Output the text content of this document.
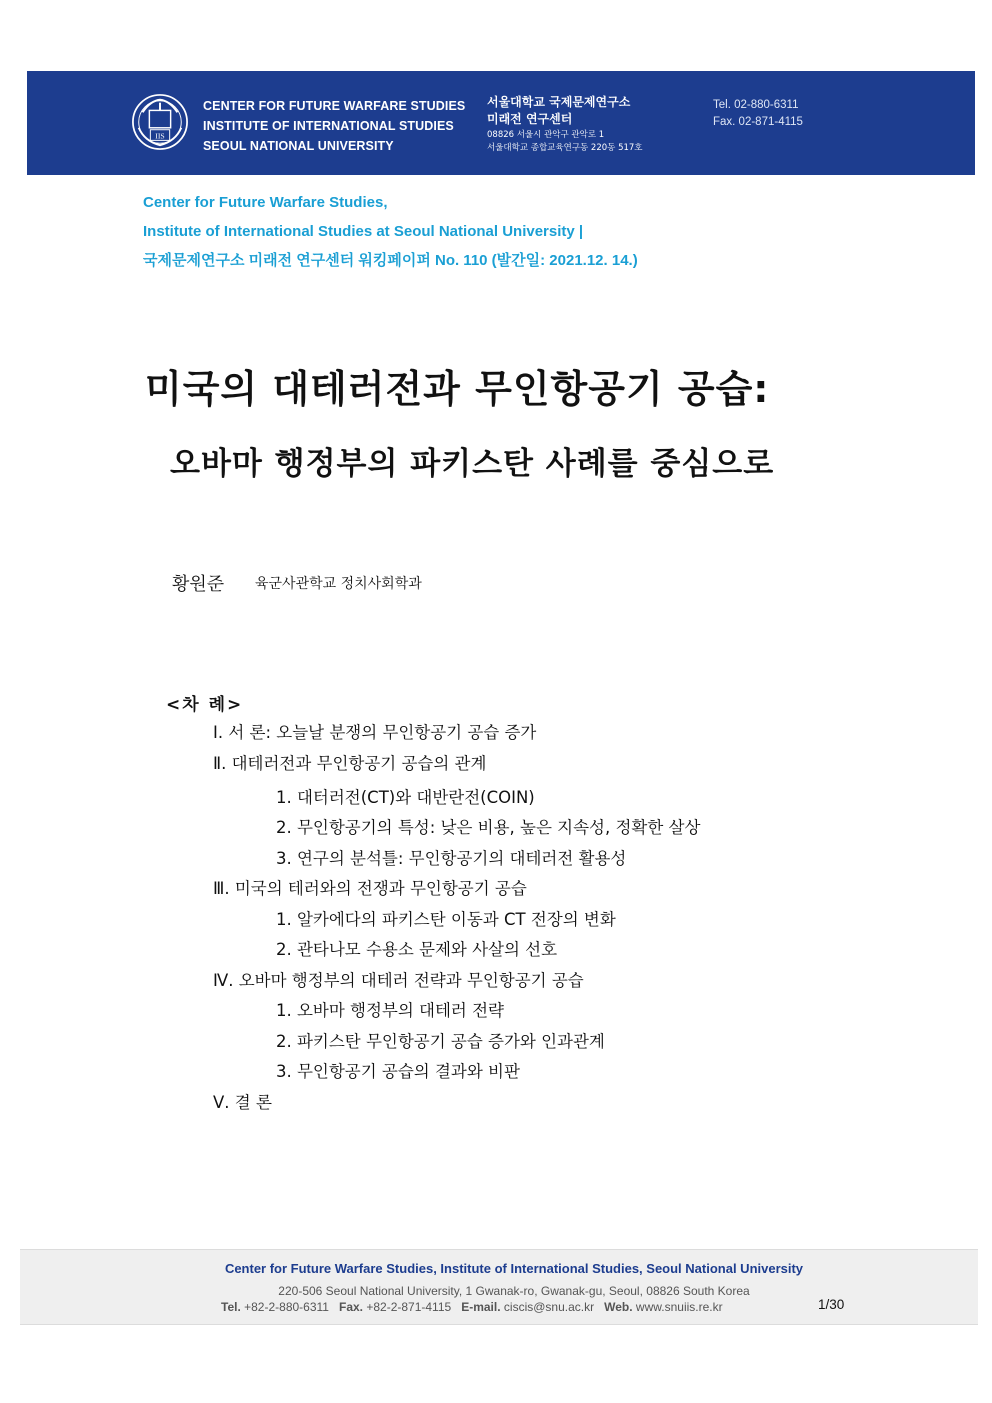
IIS
CENTER FOR FUTURE WARFARE STUDIES
INSTITUTE OF INTERNATIONAL STUDIES
SEOUL NATIONAL UNIVERSITY
서울대학교 국제문제연구소
미래전 연구센터
08826 서울시 관악구 관악로 1
서울대학교 종합교육연구동 220동 517호
Tel. 02-880-6311
Fax. 02-871-4115
Center for Future Warfare Studies,
Institute of International Studies at Seoul National University |
국제문제연구소 미래전 연구센터 워킹페이퍼 No. 110 (발간일: 2021.12. 14.)
미국의 대테러전과 무인항공기 공습:
오바마 행정부의 파키스탄 사례를 중심으로
황원준 육군사관학교 정치사회학과
<차 례>
Ⅰ. 서 론: 오늘날 분쟁의 무인항공기 공습 증가
Ⅱ. 대테러전과 무인항공기 공습의 관계
1. 대터러전(CT)와 대반란전(COIN)
2. 무인항공기의 특성: 낮은 비용, 높은 지속성, 정확한 살상
3. 연구의 분석틀: 무인항공기의 대테러전 활용성
Ⅲ. 미국의 테러와의 전쟁과 무인항공기 공습
1. 알카에다의 파키스탄 이동과 CT 전장의 변화
2. 관타나모 수용소 문제와 사살의 선호
Ⅳ. 오바마 행정부의 대테러 전략과 무인항공기 공습
1. 오바마 행정부의 대테러 전략
2. 파키스탄 무인항공기 공습 증가와 인과관계
3. 무인항공기 공습의 결과와 비판
Ⅴ. 결 론
Center for Future Warfare Studies, Institute of International Studies, Seoul National University
220-506 Seoul National University, 1 Gwanak-ro, Gwanak-gu, Seoul, 08826 South Korea
Tel. +82-2-880-6311 Fax. +82-2-871-4115 E-mail. ciscis@snu.ac.kr Web. www.snuiis.re.kr	1/30
